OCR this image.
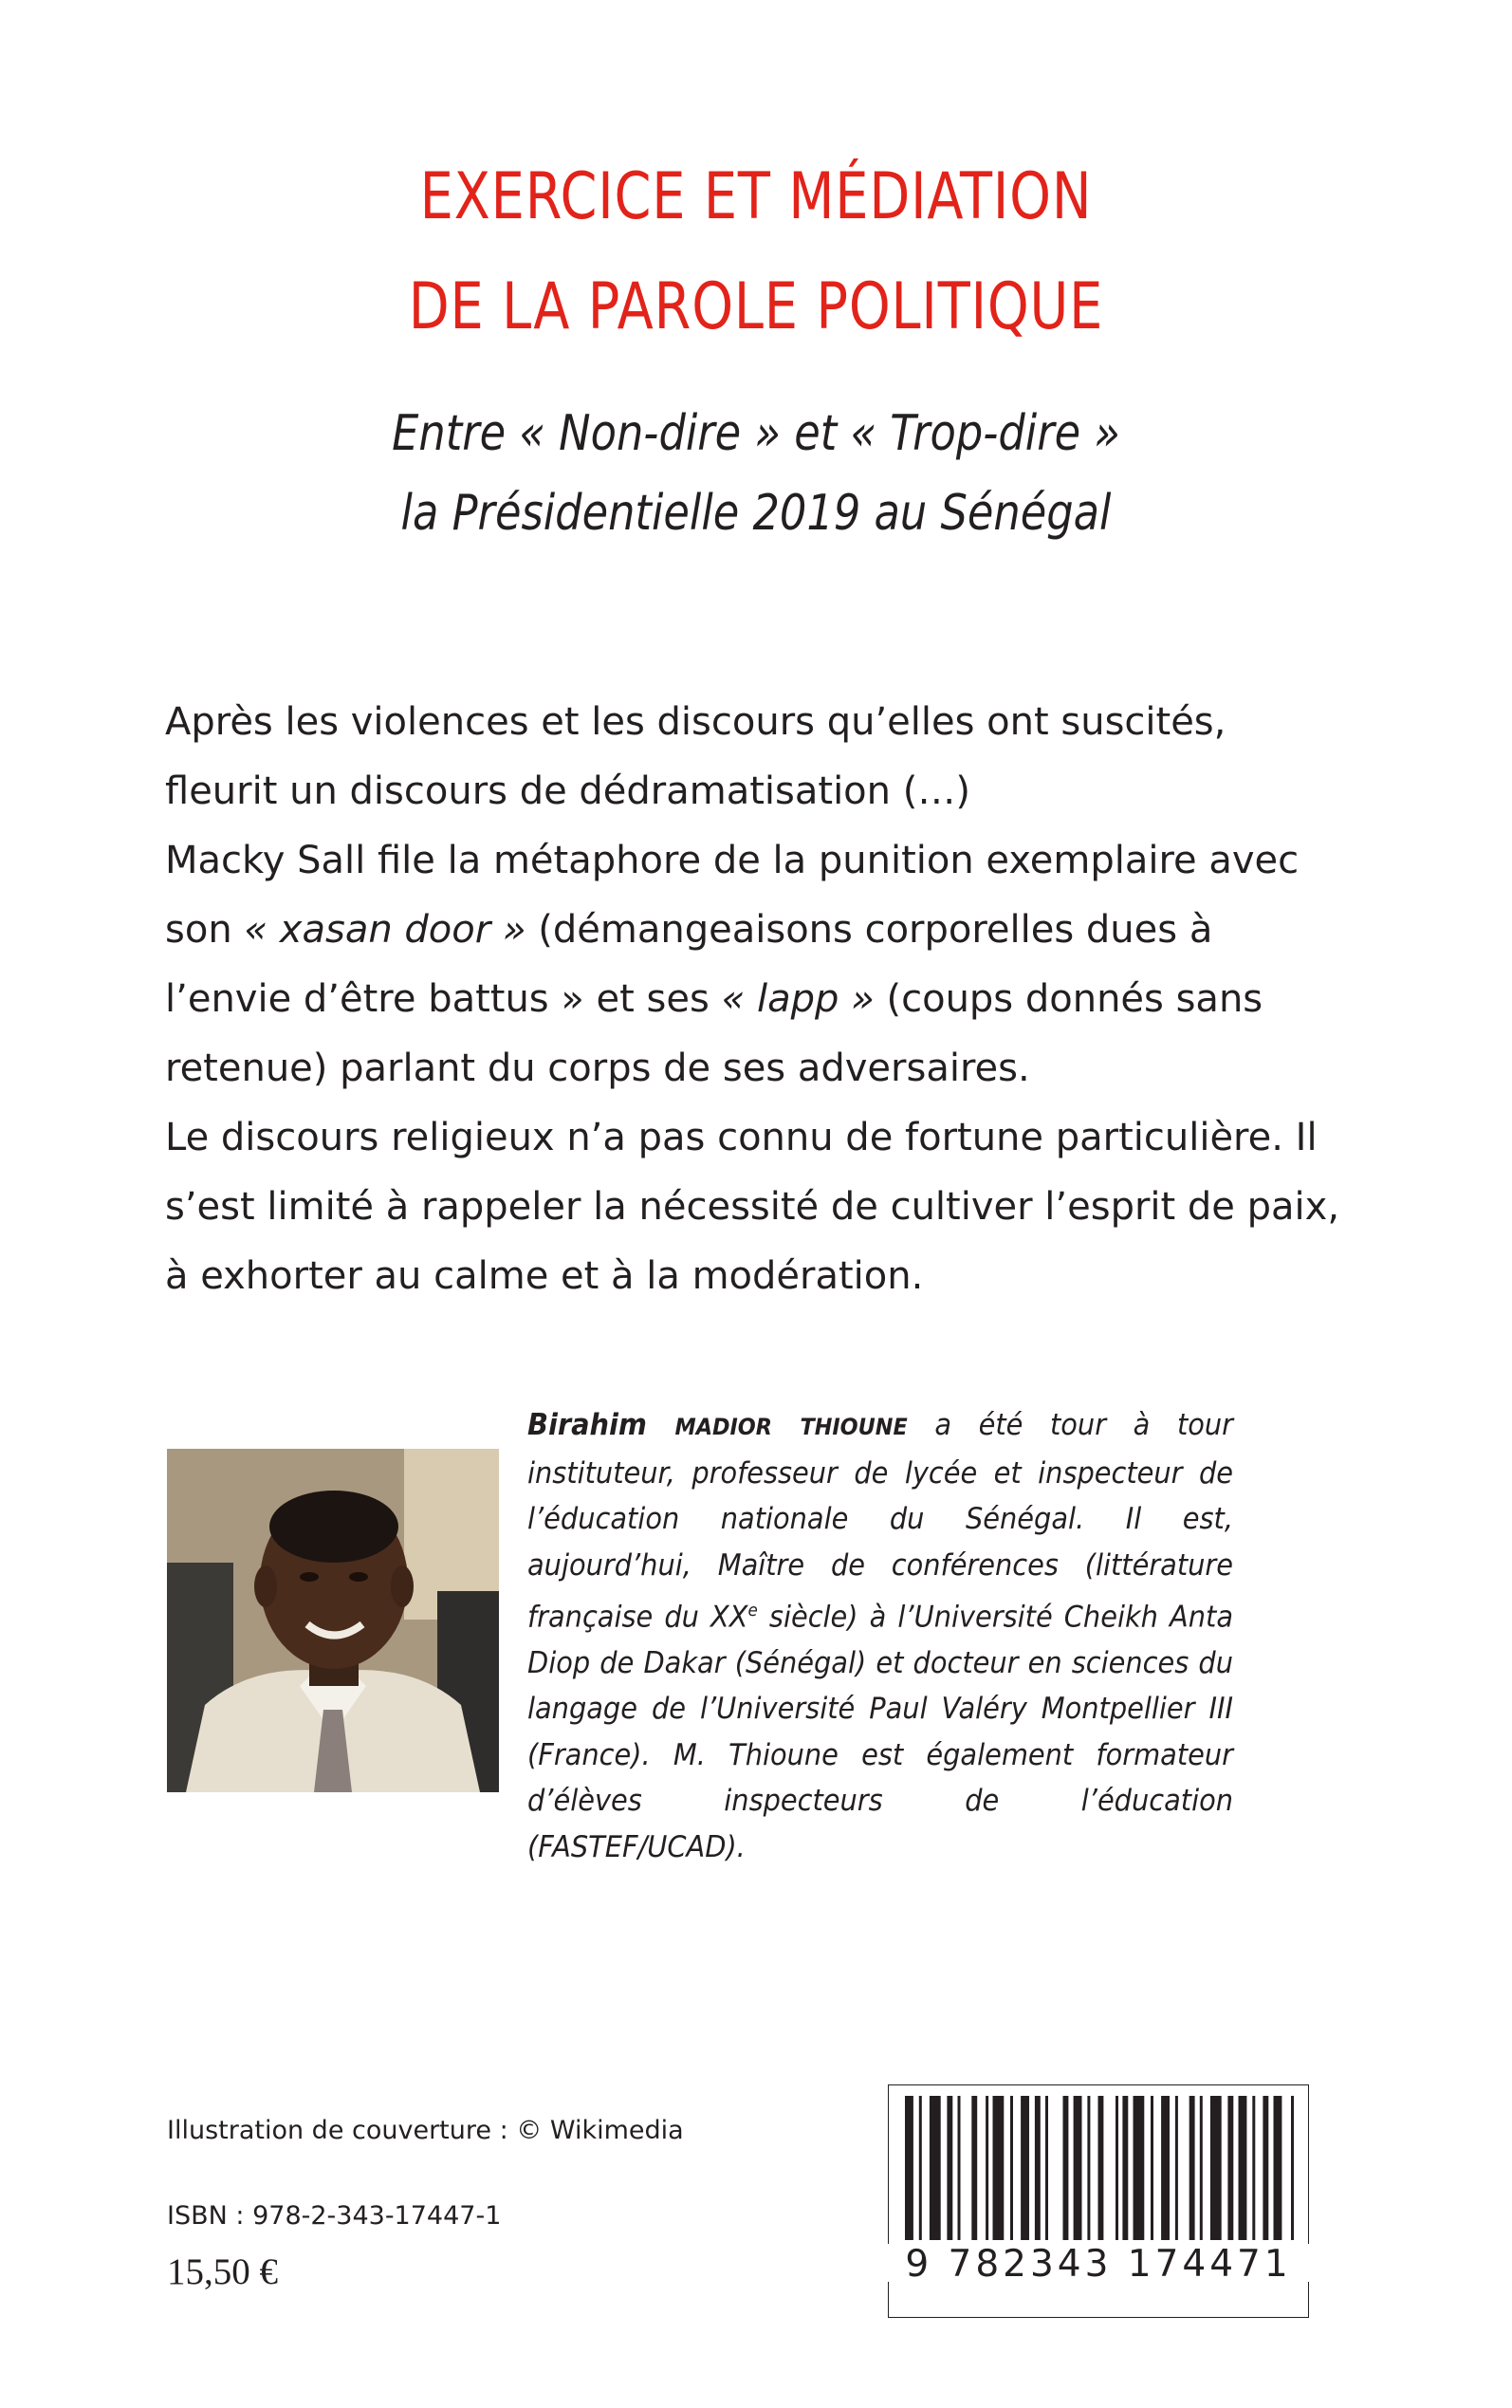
EXERCICE ET MÉDIATION
DE LA PAROLE POLITIQUE
Entre « Non-dire » et « Trop-dire »
la Présidentielle 2019 au Sénégal

Après les violences et les discours qu’elles ont suscités, fleurit un discours de dédramatisation (…)

Macky Sall file la métaphore de la punition exemplaire avec son « xasan door » (démangeaisons corporelles dues à l’envie d’être battus » et ses « lapp » (coups donnés sans retenue) parlant du corps de ses adversaires.

Le discours religieux n’a pas connu de fortune particulière. Il s’est limité à rappeler la nécessité de cultiver l’esprit de paix, à exhorter au calme et à la modération.

Birahim MADIOR THIOUNE a été tour à tour instituteur, professeur de lycée et inspecteur de l’éducation nationale du Sénégal. Il est, aujourd’hui, Maître de conférences (littérature française du XXe siècle) à l’Université Cheikh Anta Diop de Dakar (Sénégal) et docteur en sciences du langage de l’Université Paul Valéry Montpellier III (France). M. Thioune est également formateur d’élèves inspecteurs de l’éducation (FASTEF/UCAD).
Illustration de couverture : © Wikimedia
ISBN : 978-2-343-17447-1
15,50 €	9 782343 174471
